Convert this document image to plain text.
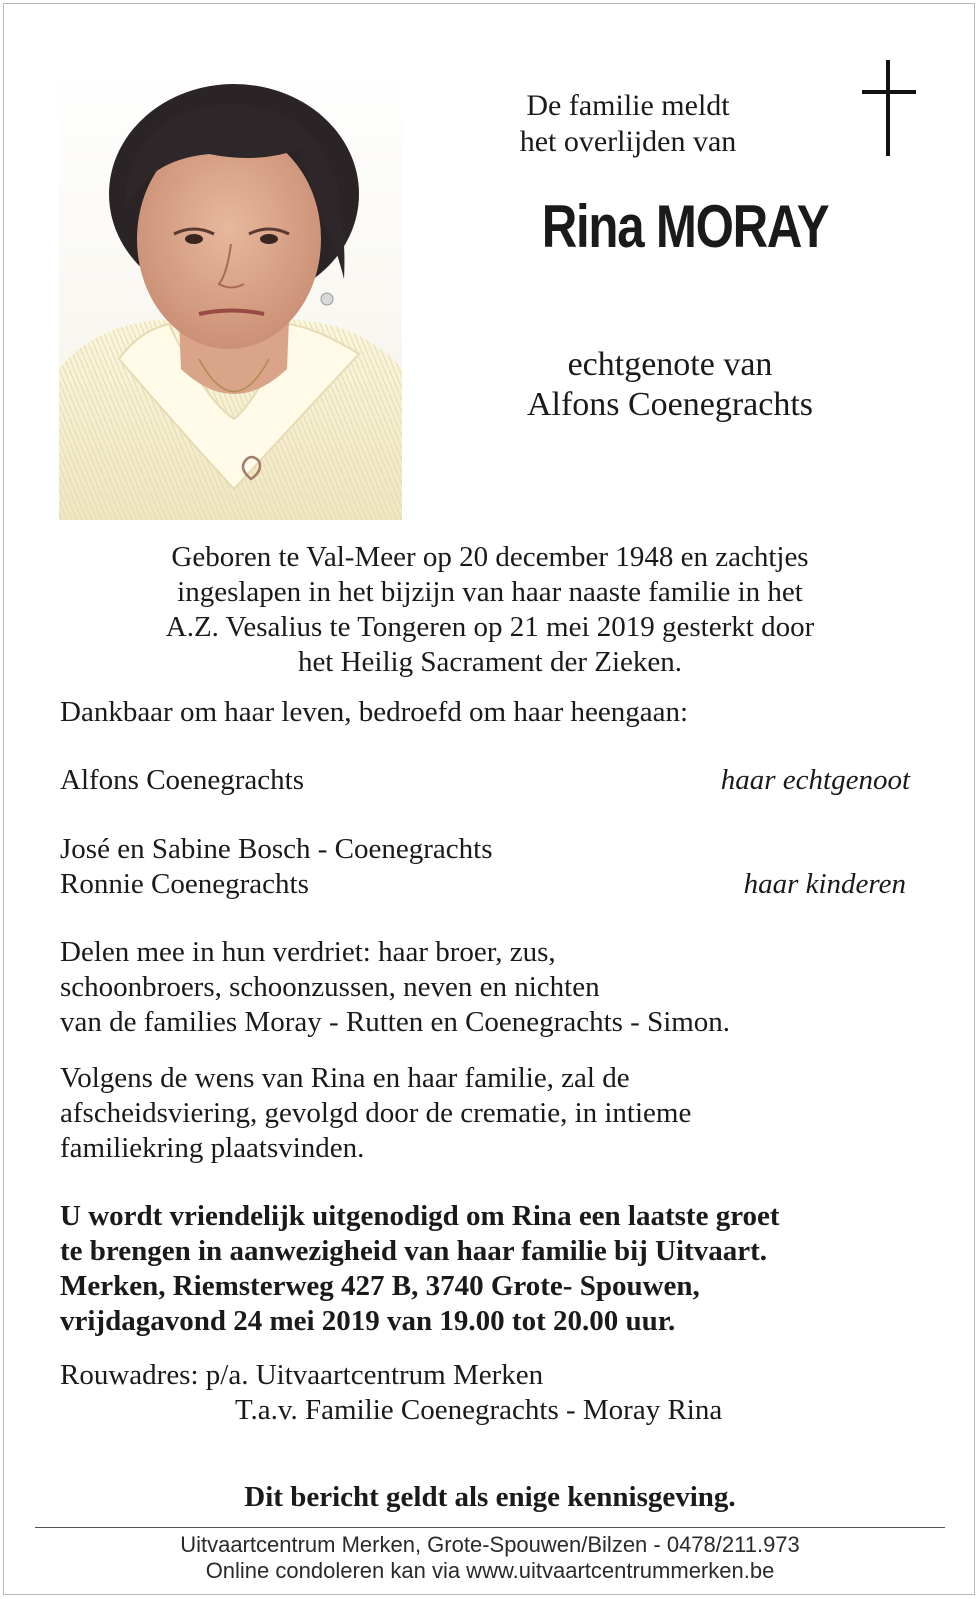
De familie meldt
het overlijden van
Rina MORAY
echtgenote van
Alfons Coenegrachts
Geboren te Val-Meer op 20 december 1948 en zachtjes
ingeslapen in het bijzijn van haar naaste familie in het
A.Z. Vesalius te Tongeren op 21 mei 2019 gesterkt door
het Heilig Sacrament der Zieken.
Dankbaar om haar leven, bedroefd om haar heengaan:
Alfons Coenegrachts	haar echtgenoot
José en Sabine Bosch - Coenegrachts
Ronnie Coenegrachts	haar kinderen
Delen mee in hun verdriet: haar broer, zus,
schoonbroers, schoonzussen, neven en nichten
van de families Moray - Rutten en Coenegrachts - Simon.
Volgens de wens van Rina en haar familie, zal de
afscheidsviering, gevolgd door de crematie, in intieme
familiekring plaatsvinden.
U wordt vriendelijk uitgenodigd om Rina een laatste groet
te brengen in aanwezigheid van haar familie bij Uitvaart.
Merken, Riemsterweg 427 B, 3740 Grote- Spouwen,
vrijdagavond 24 mei 2019 van 19.00 tot 20.00 uur.
Rouwadres: p/a. Uitvaartcentrum Merken
T.a.v. Familie Coenegrachts - Moray Rina
Dit bericht geldt als enige kennisgeving.
Uitvaartcentrum Merken, Grote-Spouwen/Bilzen - 0478/211.973
Online condoleren kan via www.uitvaartcentrummerken.be
